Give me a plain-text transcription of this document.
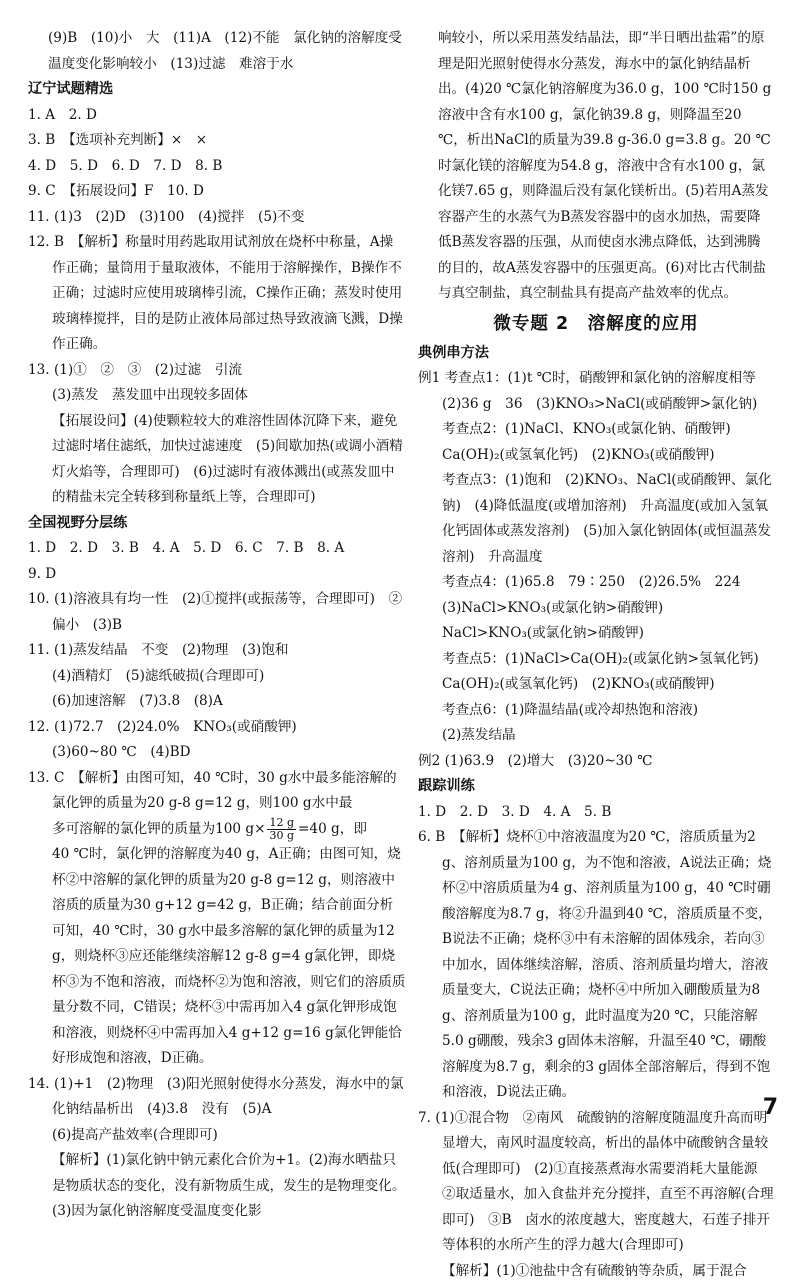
(9)B　(10)小　大　(11)A　(12)不能　氯化钠的溶解度受温度变化影响较小　(13)过滤　难溶于水

辽宁试题精选

1. A　2. D

3. B　【选项补充判断】×　×

4. D　5. D　6. D　7. D　8. B

9. C　【拓展设问】F　10. D

11. (1)3　(2)D　(3)100　(4)搅拌　(5)不变

12. B　【解析】称量时用药匙取用试剂放在烧杯中称量，A操作正确；量筒用于量取液体，不能用于溶解操作，B操作不正确；过滤时应使用玻璃棒引流，C操作正确；蒸发时使用玻璃棒搅拌，目的是防止液体局部过热导致液滴飞溅，D操作正确。

13. (1)①　②　③　(2)过滤　引流

(3)蒸发　蒸发皿中出现较多固体

【拓展设问】(4)使颗粒较大的难溶性固体沉降下来，避免过滤时堵住滤纸，加快过滤速度　(5)间歇加热(或调小酒精灯火焰等，合理即可)　(6)过滤时有液体溅出(或蒸发皿中的精盐未完全转移到称量纸上等，合理即可)

全国视野分层练

1. D　2. D　3. B　4. A　5. D　6. C　7. B　8. A

9. D

10. (1)溶液具有均一性　(2)①搅拌(或振荡等，合理即可)　②偏小　(3)B

11. (1)蒸发结晶　不变　(2)物理　(3)饱和

(4)酒精灯　(5)滤纸破损(合理即可)

(6)加速溶解　(7)3.8　(8)A

12. (1)72.7　(2)24.0%　KNO₃(或硝酸钾)

(3)60~80 ℃　(4)BD

13. C　【解析】由图可知，40 ℃时，30 g水中最多能溶解的氯化钾的质量为20 g-8 g=12 g，则100 g水中最

多可溶解的氯化钾的质量为100 $g\times \frac{12 g}{30 g} =40$ g，即

40 ℃时，氯化钾的溶解度为40 g，A正确；由图可知，烧杯②中溶解的氯化钾的质量为20 g-8 g=12 g，则溶液中溶质的质量为30 g+12 g=42 g，B正确；结合前面分析可知，40 ℃时，30 g水中最多溶解的氯化钾的质量为12 g，则烧杯③应还能继续溶解12 g-8 g=4 g氯化钾，即烧杯③为不饱和溶液，而烧杯②为饱和溶液，则它们的溶质质量分数不同，C错误；烧杯③中需再加入4 g氯化钾形成饱和溶液，则烧杯④中需再加入4 g+12 g=16 g氯化钾能恰好形成饱和溶液，D正确。

14. (1)+1　(2)物理　(3)阳光照射使得水分蒸发，海水中的氯化钠结晶析出　(4)3.8　没有　(5)A

(6)提高产盐效率(合理即可)

【解析】(1)氯化钠中钠元素化合价为+1。(2)海水晒盐只是物质状态的变化，没有新物质生成，发生的是物理变化。(3)因为氯化钠溶解度受温度变化影

响较小，所以采用蒸发结晶法，即“半日晒出盐霜”的原理是阳光照射使得水分蒸发，海水中的氯化钠结晶析出。(4)20 ℃氯化钠溶解度为36.0 g，100 ℃时150 g溶液中含有水100 g，氯化钠39.8 g，则降温至20 ℃，析出NaCl的质量为39.8 g-36.0 g=3.8 g。20 ℃时氯化镁的溶解度为54.8 g，溶液中含有水100 g，氯化镁7.65 g，则降温后没有氯化镁析出。(5)若用A蒸发容器产生的水蒸气为B蒸发容器中的卤水加热，需要降低B蒸发容器的压强，从而使卤水沸点降低，达到沸腾的目的，故A蒸发容器中的压强更高。(6)对比古代制盐与真空制盐，真空制盐具有提高产盐效率的优点。

微专题 2　溶解度的应用

典例串方法

例1 考查点1：(1)t ℃时，硝酸钾和氯化钠的溶解度相等　(2)36 g　36　(3)KNO₃>NaCl(或硝酸钾>氯化钠)

考查点2：(1)NaCl、KNO₃(或氯化钠、硝酸钾)　Ca(OH)₂(或氢氧化钙)　(2)KNO₃(或硝酸钾)

考查点3：(1)饱和　(2)KNO₃、NaCl(或硝酸钾、氯化钠)　(4)降低温度(或增加溶剂)　升高温度(或加入氢氧化钙固体或蒸发溶剂)　(5)加入氯化钠固体(或恒温蒸发溶剂)　升高温度

考查点4：(1)65.8　79∶250　(2)26.5%　224　(3)NaCl>KNO₃(或氯化钠>硝酸钾)　NaCl>KNO₃(或氯化钠>硝酸钾)

考查点5：(1)NaCl>Ca(OH)₂(或氯化钠>氢氧化钙)　Ca(OH)₂(或氢氧化钙)　(2)KNO₃(或硝酸钾)

考查点6：(1)降温结晶(或冷却热饱和溶液)

(2)蒸发结晶

例2 (1)63.9　(2)增大　(3)20~30 ℃

跟踪训练

1. D　2. D　3. D　4. A　5. B

6. B　【解析】烧杯①中溶液温度为20 ℃，溶质质量为2 g、溶剂质量为100 g，为不饱和溶液，A说法正确；烧杯②中溶质质量为4 g、溶剂质量为100 g，40 ℃时硼酸溶解度为8.7 g，将②升温到40 ℃，溶质质量不变，B说法不正确；烧杯③中有未溶解的固体残余，若向③中加水，固体继续溶解，溶质、溶剂质量均增大，溶液质量变大，C说法正确；烧杯④中所加入硼酸质量为8 g、溶剂质量为100 g，此时温度为20 ℃，只能溶解5.0 g硼酸，残余3 g固体未溶解，升温至40 ℃，硼酸溶解度为8.7 g，剩余的3 g固体全部溶解后，得到不饱和溶液，D说法正确。

7. (1)①混合物　②南风　硫酸钠的溶解度随温度升高而明显增大，南风时温度较高，析出的晶体中硫酸钠含量较低(合理即可)　(2)①直接蒸煮海水需要消耗大量能源　②取适量水，加入食盐并充分搅拌，直至不再溶解(合理即可)　③B　卤水的浓度越大，密度越大，石莲子排开等体积的水所产生的浮力越大(合理即可)

【解析】(1)①池盐中含有硫酸钠等杂质，属于混合

7
